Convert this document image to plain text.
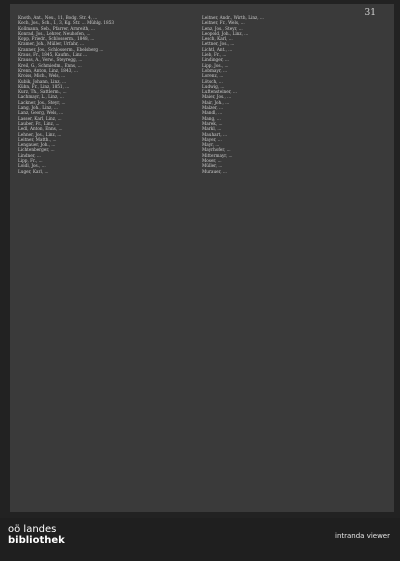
31
Knoth, Ant., Neu., 11, Bodg. Str. 4, ...
Koch, Jos., Sch., I., 3, Kg. Str. ... Mühlg. 1853
Kollmann, Seb., Pfarrer, Arnreith, ...
Konrad, Jos., Lehrer, Neuhofen, ...
Kopp, Friedr., Schlosserm., 1848, ...
Kramer, Joh., Müller, Urfahr, ...
Kranner, Jos., Schlosserm., Ebelsberg ...
Kraus, Fr., 1845, Kaufm., Linz ...
Krauss, A., Verw., Steyregg, ...
Kreil, G., Schmiedm., Enns, ...
Krenn, Anton, Linz, 1843, ...
Kroiss, Mich., Wels, ...
Kubik, Johann, Linz, ...
Kühn, Fr., Linz, 1851, ...
Kurz, Th., Sattlerm., ...
Lachmayr, L., Linz, ...
Lackner, Jos., Steyr, ...
Lang, Joh., Linz, ...
Lanz, Georg, Wels, ...
Lasser, Karl, Linz, ...
Lauber, Fr., Linz, ...
Ledl, Anton, Enns, ...
Lehner, Jos., Linz, ...
Leitner, Matth., ...
Lengauer, Joh., ...
Lichtenberger, ...
Lindner, ...
Lipp, Fr., ...
Loidl, Jos., ...
Luger, Karl, ...
Leitner, Andr., Wirth, Linz, ...
Leitner, Fr., Wels, ...
Lenz, Jos., Steyr, ...
Leopold, Joh., Linz, ...
Lesch, Karl, ...
Lettner, Jos., ...
Lichtl, Ant., ...
Lieb, Fr., ...
Lindinger, ...
Lipp, Jos., ...
Lobmayr, ...
Lorenz, ...
Lötsch, ...
Ludwig, ...
Luftensteiner, ...
Maier, Jos., ...
Mair, Joh., ...
Malzer, ...
Mandl, ...
Mang, ...
Marek, ...
Markl, ...
Mauhart, ...
Mayer, ...
Mayr, ...
Mayrhofer, ...
Mittermayr, ...
Moser, ...
Müller, ...
Murauer, ...
oö landes
bibliothek	intranda viewer
